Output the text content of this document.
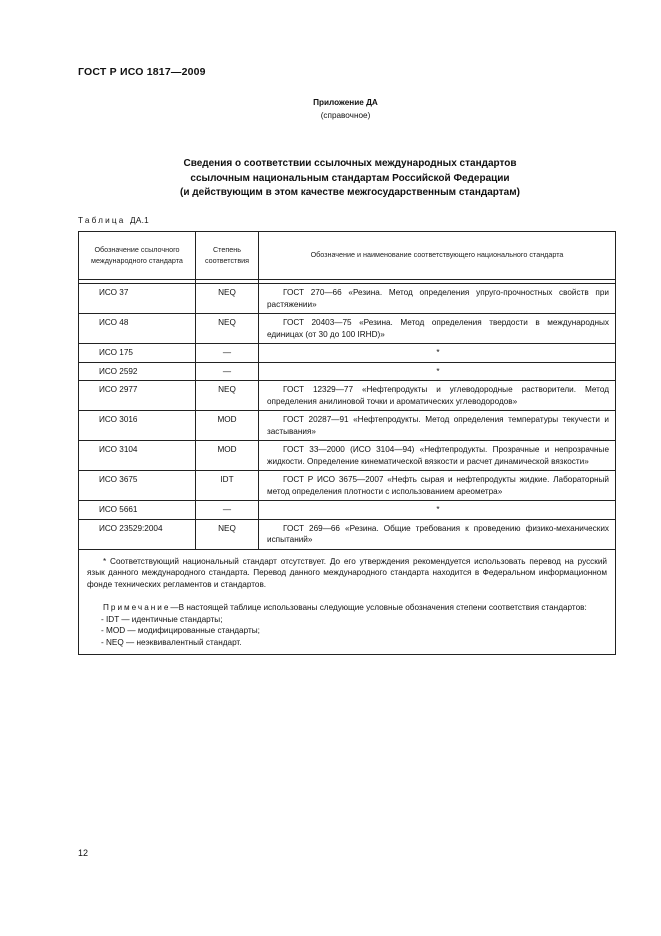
ГОСТ Р ИСО 1817—2009
Приложение ДА
(справочное)
Сведения о соответствии ссылочных международных стандартов
ссылочным национальным стандартам Российской Федерации
(и действующим в этом качестве межгосударственным стандартам)
Таблица ДА.1
Обозначение ссылочного международного стандарта	Степень соответствия	Обозначение и наименование соответствующего национального стандарта

ИСО 37	NEQ	ГОСТ 270—66 «Резина. Метод определения упруго-прочностных свойств при растяжении»
ИСО 48	NEQ	ГОСТ 20403—75 «Резина. Метод определения твердости в международных единицах (от 30 до 100 IRHD)»
ИСО 175	—	*
ИСО 2592	—	*
ИСО 2977	NEQ	ГОСТ 12329—77 «Нефтепродукты и углеводородные растворители. Метод определения анилиновой точки и ароматических углеводородов»
ИСО 3016	MOD	ГОСТ 20287—91 «Нефтепродукты. Метод определения температуры текучести и застывания»
ИСО 3104	MOD	ГОСТ 33—2000 (ИСО 3104—94) «Нефтепродукты. Прозрачные и непрозрачные жидкости. Определение кинематической вязкости и расчет динамической вязкости»
ИСО 3675	IDT	ГОСТ Р ИСО 3675—2007 «Нефть сырая и нефтепродукты жидкие. Лабораторный метод определения плотности с использованием ареометра»
ИСО 5661	—	*
ИСО 23529:2004	NEQ	ГОСТ 269—66 «Резина. Общие требования к проведению физико-механических испытаний»

* Соответствующий национальный стандарт отсутствует. До его утверждения рекомендуется использовать перевод на русский язык данного международного стандарта. Перевод данного международного стандарта находится в Федеральном информационном фонде технических регламентов и стандартов.

Примечание—В настоящей таблице использованы следующие условные обозначения степени соответствия стандартов:

- IDT — идентичные стандарты;
- MOD — модифицированные стандарты;
- NEQ — неэквивалентный стандарт.		
12
